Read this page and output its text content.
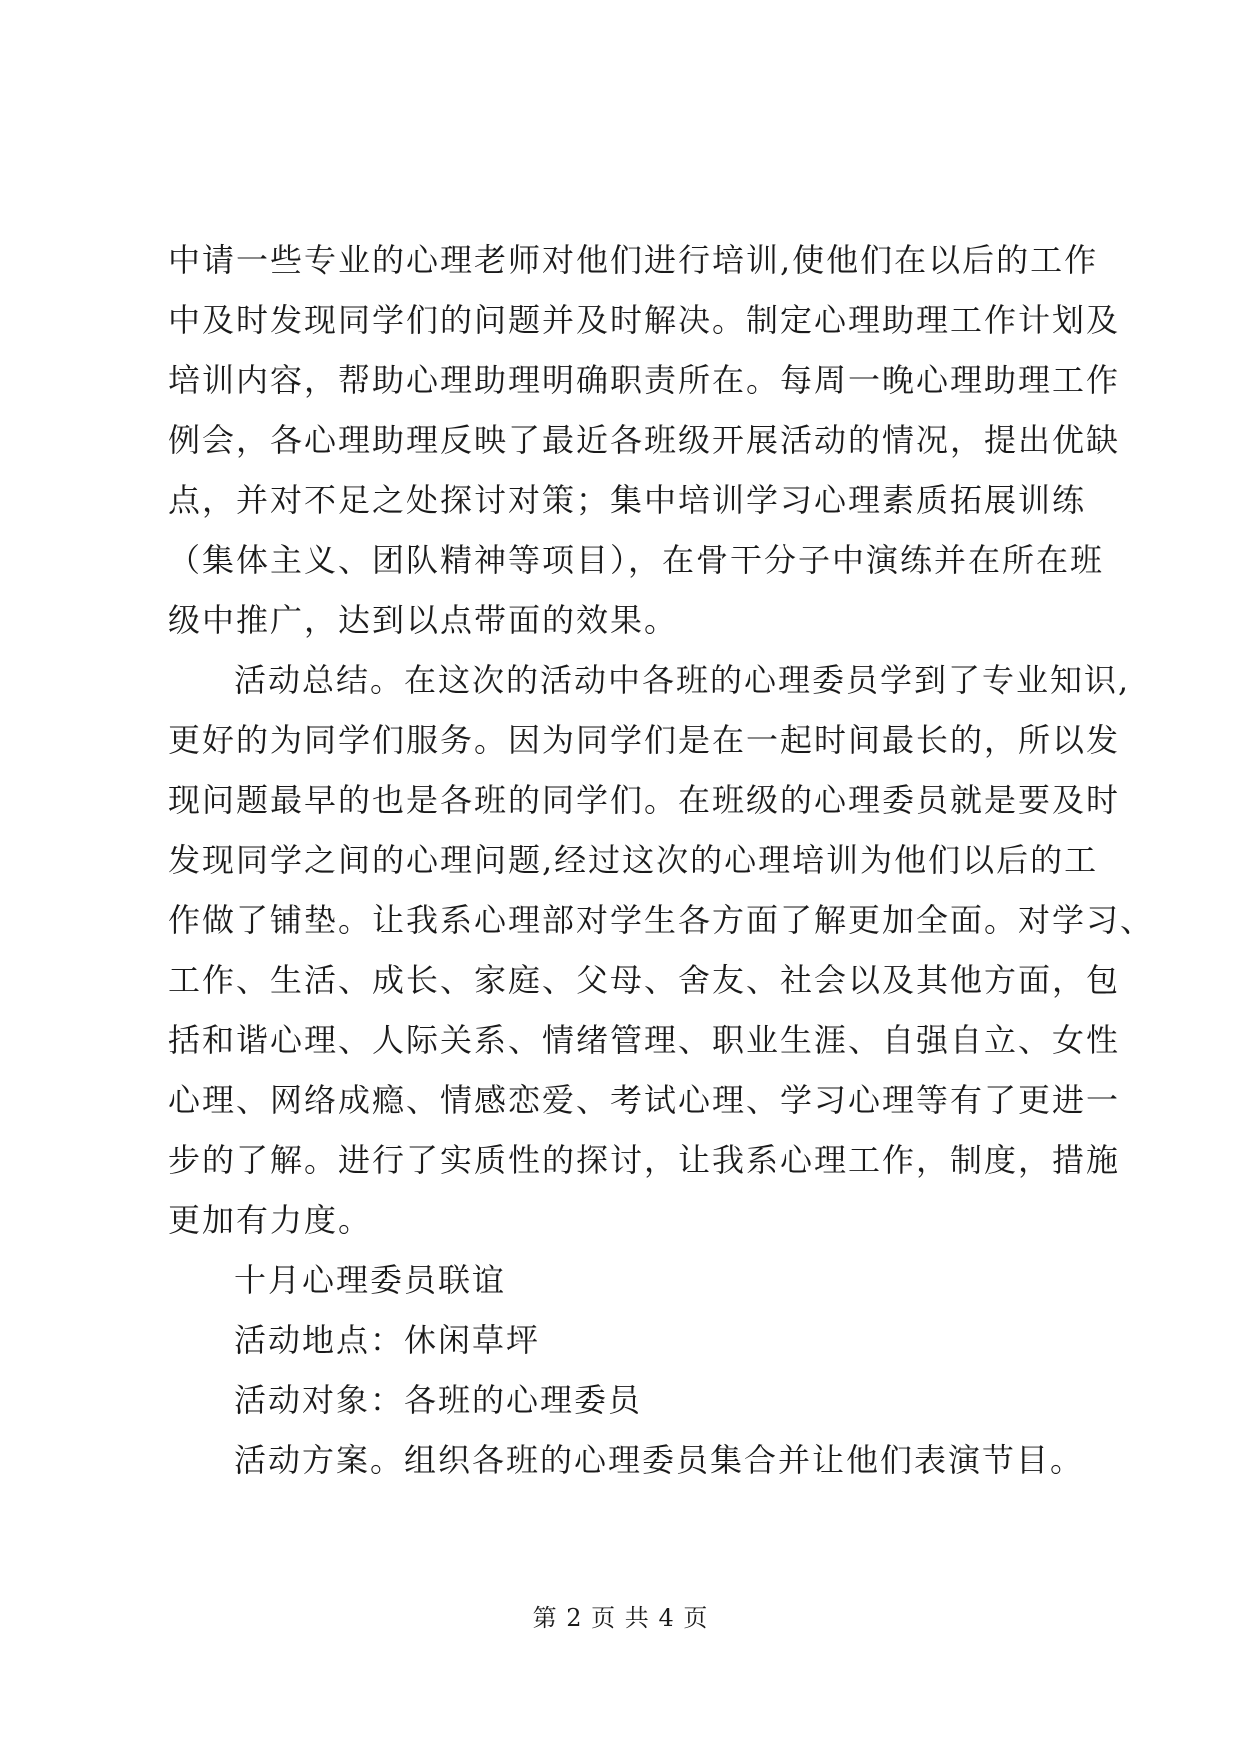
中请一些专业的心理老师对他们进行培训,使他们在以后的工作
中及时发现同学们的问题并及时解决。制定心理助理工作计划及
培训内容，帮助心理助理明确职责所在。每周一晚心理助理工作
例会，各心理助理反映了最近各班级开展活动的情况，提出优缺
点，并对不足之处探讨对策；集中培训学习心理素质拓展训练
（集体主义、团队精神等项目），在骨干分子中演练并在所在班
级中推广，达到以点带面的效果。

活动总结。在这次的活动中各班的心理委员学到了专业知识,
更好的为同学们服务。因为同学们是在一起时间最长的，所以发
现问题最早的也是各班的同学们。在班级的心理委员就是要及时
发现同学之间的心理问题,经过这次的心理培训为他们以后的工
作做了铺垫。让我系心理部对学生各方面了解更加全面。对学习、
工作、生活、成长、家庭、父母、舍友、社会以及其他方面，包
括和谐心理、人际关系、情绪管理、职业生涯、自强自立、女性
心理、网络成瘾、情感恋爱、考试心理、学习心理等有了更进一
步的了解。进行了实质性的探讨，让我系心理工作，制度，措施
更加有力度。

十月心理委员联谊

活动地点：休闲草坪

活动对象：各班的心理委员

活动方案。组织各班的心理委员集合并让他们表演节目。

第 2 页 共 4 页
